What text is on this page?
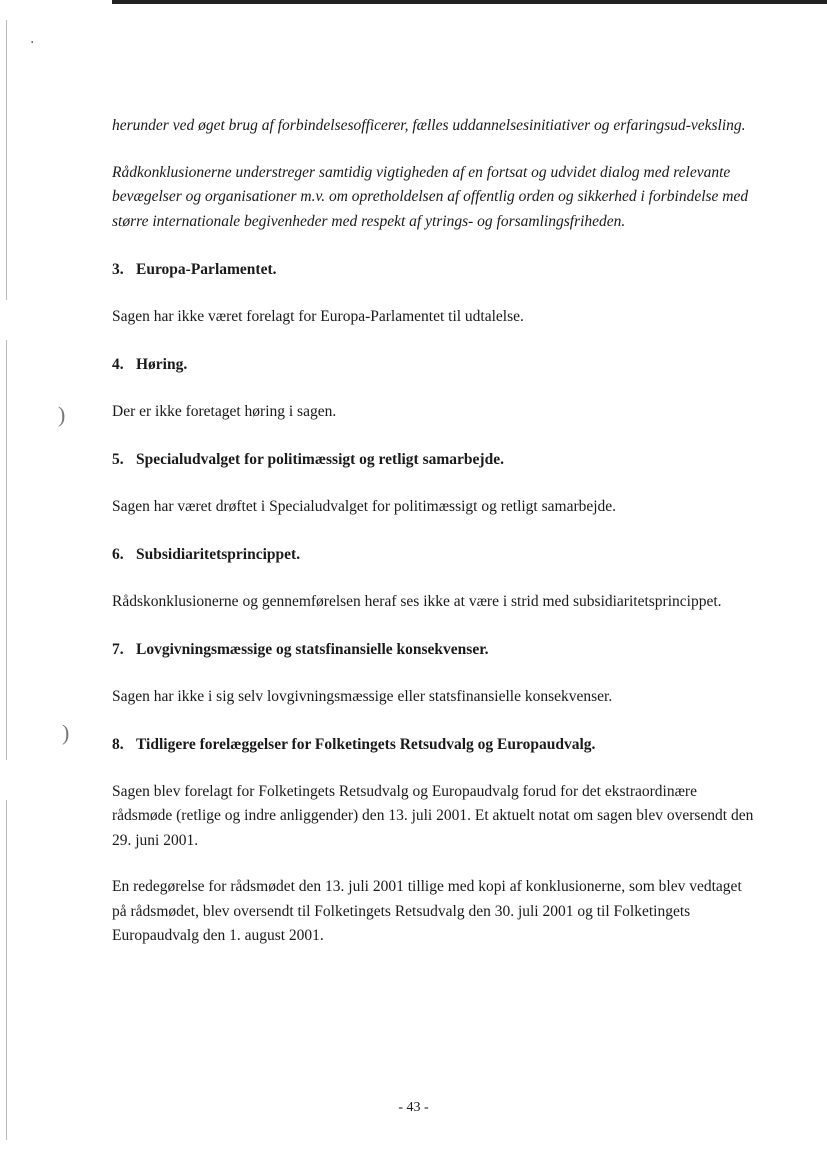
·
)
)

herunder ved øget brug af forbindelsesofficerer, fælles uddannelsesinitiativer og erfaringsud-veksling.

Rådkonklusionerne understreger samtidig vigtigheden af en fortsat og udvidet dialog med relevante bevægelser og organisationer m.v. om opretholdelsen af offentlig orden og sikkerhed i forbindelse med større internationale begivenheder med respekt af ytrings- og forsamlingsfriheden.

3. Europa-Parlamentet.

Sagen har ikke været forelagt for Europa-Parlamentet til udtalelse.

4. Høring.

Der er ikke foretaget høring i sagen.

5. Specialudvalget for politimæssigt og retligt samarbejde.

Sagen har været drøftet i Specialudvalget for politimæssigt og retligt samarbejde.

6. Subsidiaritetsprincippet.

Rådskonklusionerne og gennemførelsen heraf ses ikke at være i strid med subsidiaritetsprincippet.

7. Lovgivningsmæssige og statsfinansielle konsekvenser.

Sagen har ikke i sig selv lovgivningsmæssige eller statsfinansielle konsekvenser.

8. Tidligere forelæggelser for Folketingets Retsudvalg og Europaudvalg.

Sagen blev forelagt for Folketingets Retsudvalg og Europaudvalg forud for det ekstraordinære rådsmøde (retlige og indre anliggender) den 13. juli 2001. Et aktuelt notat om sagen blev oversendt den 29. juni 2001.

En redegørelse for rådsmødet den 13. juli 2001 tillige med kopi af konklusionerne, som blev vedtaget på rådsmødet, blev oversendt til Folketingets Retsudvalg den 30. juli 2001 og til Folketingets Europaudvalg den 1. august 2001.

- 43 -
